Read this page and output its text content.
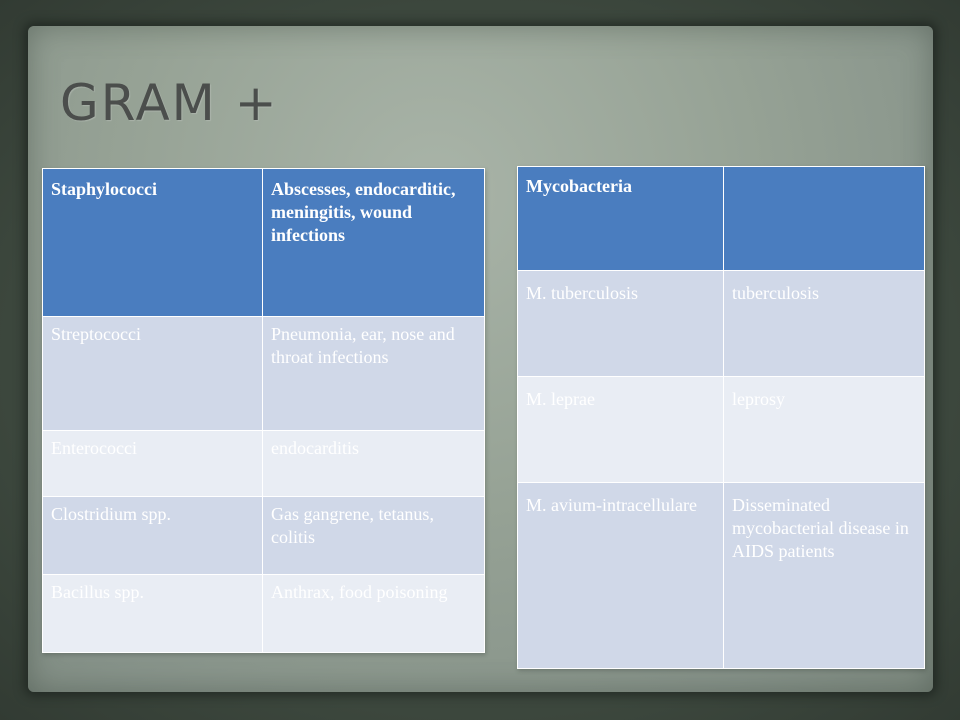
GRAM +
Staphylococci	Abscesses, endocarditic, meningitis, wound infections
Streptococci	Pneumonia, ear, nose and throat infections
Enterococci	endocarditis
Clostridium spp.	Gas gangrene, tetanus, colitis
Bacillus spp.	Anthrax, food poisoning
Mycobacteria	
M. tuberculosis	tuberculosis
M. leprae	leprosy
M. avium-intracellulare	Disseminated mycobacterial disease in AIDS patients
